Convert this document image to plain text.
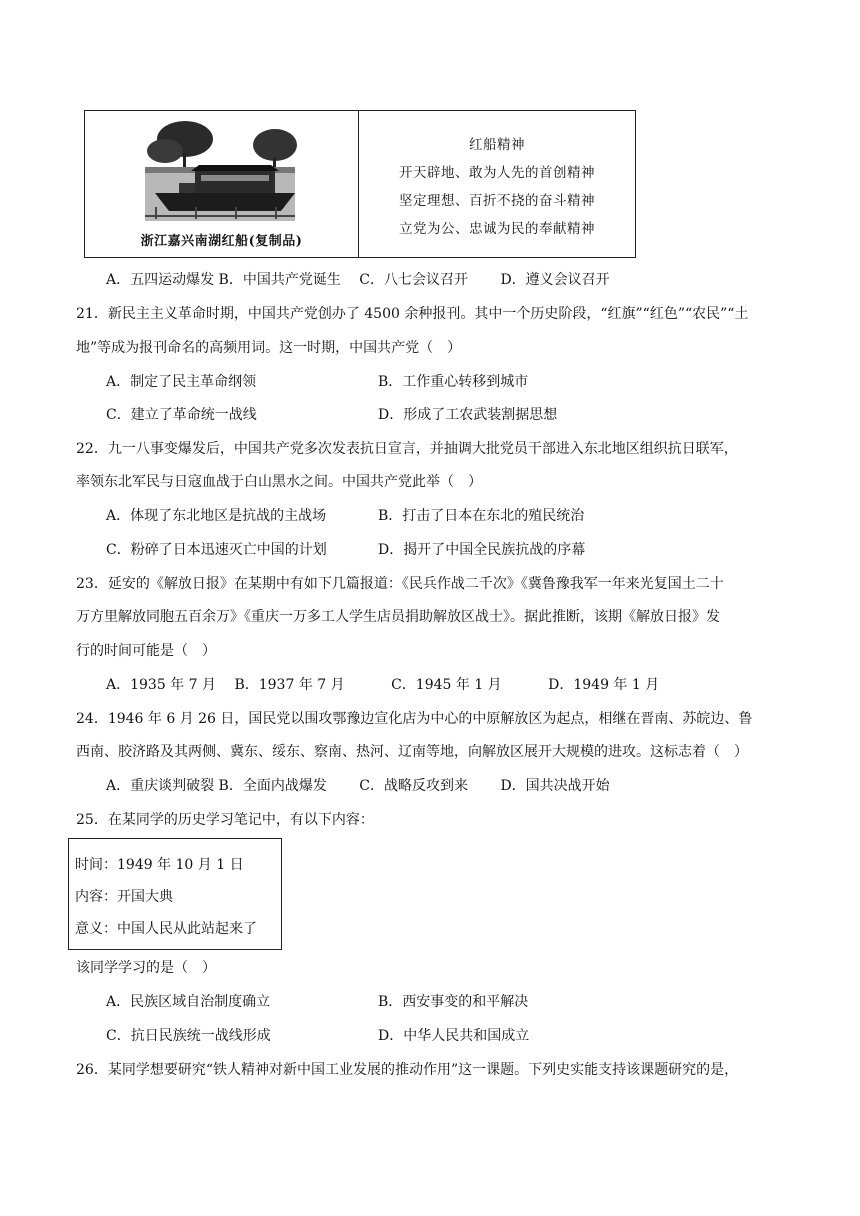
浙江嘉兴南湖红船(复制品)
红船精神
开天辟地、敢为人先的首创精神
坚定理想、百折不挠的奋斗精神
立党为公、忠诚为民的奉献精神
A．五四运动爆发 B．中国共产党诞生　 C．八七会议召开　　 D．遵义会议召开
21．新民主主义革命时期，中国共产党创办了 4500 余种报刊。其中一个历史阶段，“红旗”“红色”“农民”“土
地”等成为报刊命名的高频用词。这一时期，中国共产党（　）
A．制定了民主革命纲领	B．工作重心转移到城市
C．建立了革命统一战线	D．形成了工农武装割据思想
22．九一八事变爆发后，中国共产党多次发表抗日宣言，并抽调大批党员干部进入东北地区组织抗日联军，
率领东北军民与日寇血战于白山黑水之间。中国共产党此举（　）
A．体现了东北地区是抗战的主战场	B．打击了日本在东北的殖民统治
C．粉碎了日本迅速灭亡中国的计划	D．揭开了中国全民族抗战的序幕
23．延安的《解放日报》在某期中有如下几篇报道：《民兵作战二千次》《冀鲁豫我军一年来光复国土二十
万方里解放同胞五百余万》《重庆一万多工人学生店员捐助解放区战士》。据此推断，该期《解放日报》发
行的时间可能是（　）
A．1935 年 7 月　 B．1937 年 7 月　　　 C．1945 年 1 月　　　 D．1949 年 1 月
24．1946 年 6 月 26 日，国民党以围攻鄂豫边宣化店为中心的中原解放区为起点，相继在晋南、苏皖边、鲁
西南、胶济路及其两侧、冀东、绥东、察南、热河、辽南等地，向解放区展开大规模的进攻。这标志着（　）
A．重庆谈判破裂 B．全面内战爆发　　 C．战略反攻到来　　 D．国共决战开始
25．在某同学的历史学习笔记中，有以下内容：
时间：1949 年 10 月 1 日
内容：开国大典
意义：中国人民从此站起来了
该同学学习的是（　）
A．民族区域自治制度确立	B．西安事变的和平解决
C．抗日民族统一战线形成	D．中华人民共和国成立
26．某同学想要研究“铁人精神对新中国工业发展的推动作用”这一课题。下列史实能支持该课题研究的是，
